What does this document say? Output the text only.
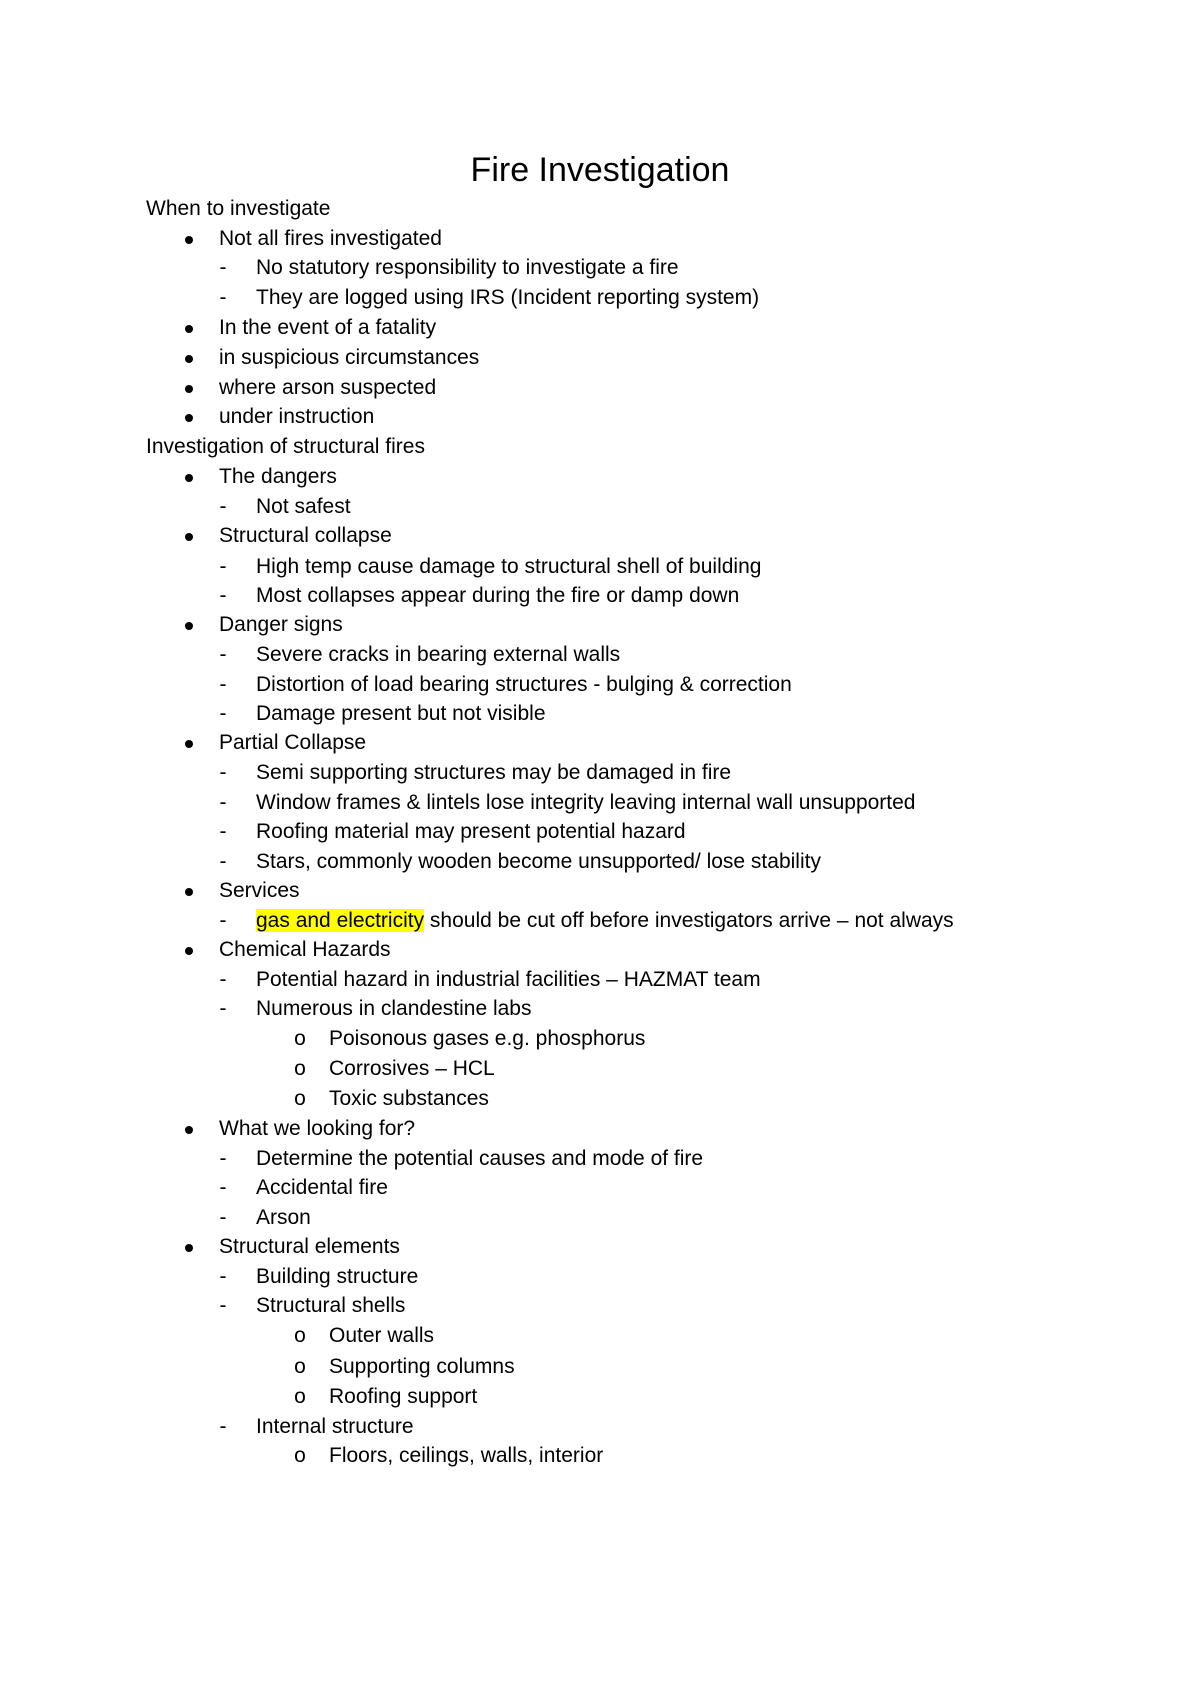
Fire Investigation
When to investigate
Not all fires investigated
-	No statutory responsibility to investigate a fire
-	They are logged using IRS (Incident reporting system)
In the event of a fatality
in suspicious circumstances
where arson suspected
under instruction
Investigation of structural fires
The dangers
-	Not safest
Structural collapse
-	High temp cause damage to structural shell of building
-	Most collapses appear during the fire or damp down
Danger signs
-	Severe cracks in bearing external walls
-	Distortion of load bearing structures - bulging & correction
-	Damage present but not visible
Partial Collapse
-	Semi supporting structures may be damaged in fire
-	Window frames & lintels lose integrity leaving internal wall unsupported
-	Roofing material may present potential hazard
-	Stars, commonly wooden become unsupported/ lose stability
Services
-	gas and electricity should be cut off before investigators arrive – not always
Chemical Hazards
-	Potential hazard in industrial facilities – HAZMAT team
-	Numerous in clandestine labs
o Poisonous gases e.g. phosphorus
o Corrosives – HCL
o Toxic substances
What we looking for?
-	Determine the potential causes and mode of fire
-	Accidental fire
-	Arson
Structural elements
-	Building structure
-	Structural shells
o Outer walls
o Supporting columns
o Roofing support
-	Internal structure
o Floors, ceilings, walls, interior
